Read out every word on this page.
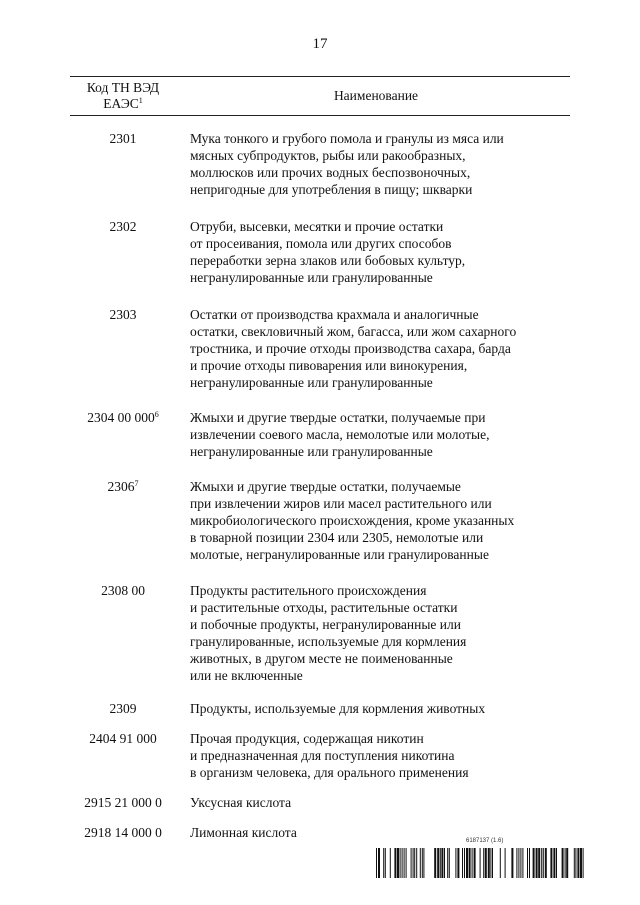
17
Код ТН ВЭД
ЕАЭС$^1$	Наименование
2301	Мука тонкого и грубого помола и гранулы из мяса или
мясных субпродуктов, рыбы или ракообразных,
моллюсков или прочих водных беспозвоночных,
непригодные для употребления в пищу; шкварки
2302	Отруби, высевки, месятки и прочие остатки
от просеивания, помола или других способов
переработки зерна злаков или бобовых культур,
негранулированные или гранулированные
2303	Остатки от производства крахмала и аналогичные
остатки, свекловичный жом, багасса, или жом сахарного
тростника, и прочие отходы производства сахара, барда
и прочие отходы пивоварения или винокурения,
негранулированные или гранулированные
2304 00 $000^6$	Жмыхи и другие твердые остатки, получаемые при
извлечении соевого масла, немолотые или молотые,
негранулированные или гранулированные
2306$^7$	Жмыхи и другие твердые остатки, получаемые
при извлечении жиров или масел растительного или
микробиологического происхождения, кроме указанных
в товарной позиции 2304 или 2305, немолотые или
молотые, негранулированные или гранулированные
2308 00	Продукты растительного происхождения
и растительные отходы, растительные остатки
и побочные продукты, негранулированные или
гранулированные, используемые для кормления
животных, в другом месте не поименованные
или не включенные
2309	Продукты, используемые для кормления животных
2404 91 000	Прочая продукция, содержащая никотин
и предназначенная для поступления никотина
в организм человека, для орального применения
2915 21 000 0	Уксусная кислота
2918 14 000 0	Лимонная кислота
6187137 (1.6)
